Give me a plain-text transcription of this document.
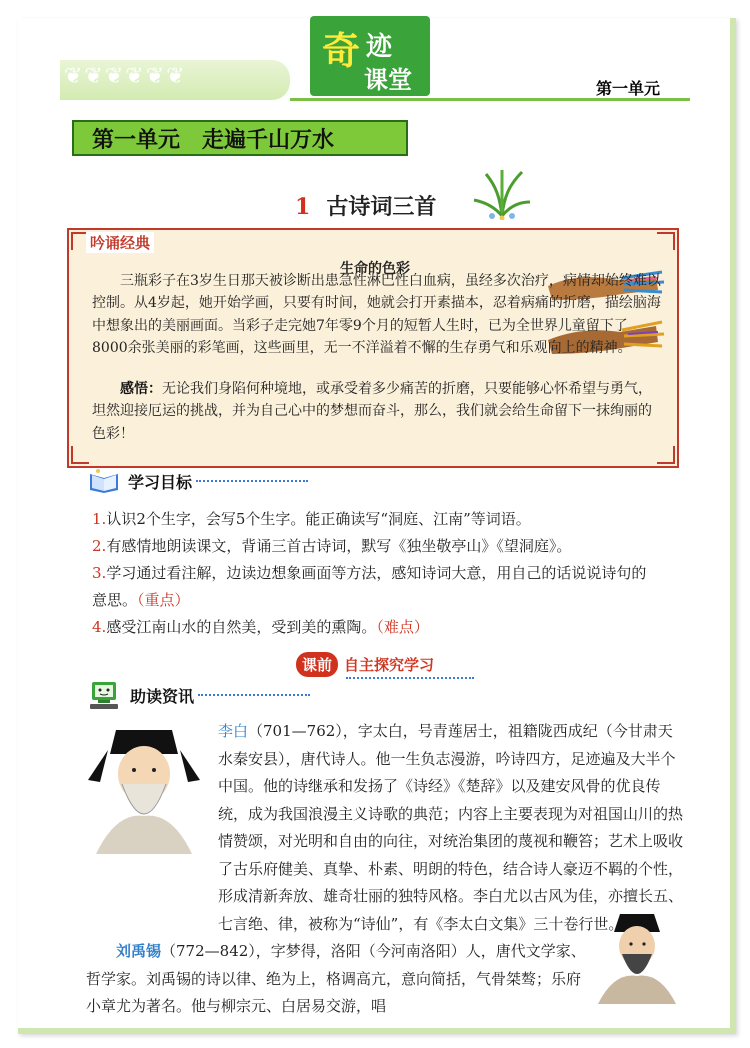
❦❦❦❦❦❦
奇 迹
课堂	第一单元
第一单元　走遍千山万水
1 古诗词三首
吟诵经典
生命的色彩
三瓶彩子在3岁生日那天被诊断出患急性淋巴性白血病，虽经多次治疗，病情却始终难以控制。从4岁起，她开始学画，只要有时间，她就会打开素描本，忍着病痛的折磨，描绘脑海中想象出的美丽画面。当彩子走完她7年零9个月的短暂人生时，已为全世界儿童留下了8000余张美丽的彩笔画，这些画里，无一不洋溢着不懈的生存勇气和乐观向上的精神。
感悟：无论我们身陷何种境地，或承受着多少痛苦的折磨，只要能够心怀希望与勇气，坦然迎接厄运的挑战，并为自己心中的梦想而奋斗，那么，我们就会给生命留下一抹绚丽的色彩！
学习目标
1.认识2个生字，会写5个生字。能正确读写“洞庭、江南”等词语。
2.有感情地朗读课文，背诵三首古诗词，默写《独坐敬亭山》《望洞庭》。
3.学习通过看注解，边读边想象画面等方法，感知诗词大意，用自己的话说说诗句的意思。（重点）
4.感受江南山水的自然美，受到美的熏陶。（难点）
课前 自主探究学习
助读资讯
李白（701—762），字太白，号青莲居士，祖籍陇西成纪（今甘肃天水秦安县），唐代诗人。他一生负志漫游，吟诗四方，足迹遍及大半个中国。他的诗继承和发扬了《诗经》《楚辞》以及建安风骨的优良传统，成为我国浪漫主义诗歌的典范；内容上主要表现为对祖国山川的热情赞颂，对光明和自由的向往，对统治集团的蔑视和鞭笞；艺术上吸收了古乐府健美、真挚、朴素、明朗的特色，结合诗人豪迈不羁的个性，形成清新奔放、雄奇壮丽的独特风格。李白尤以古风为佳，亦擅长五、七言绝、律，被称为“诗仙”，有《李太白文集》三十卷行世。
刘禹锡（772—842），字梦得，洛阳（今河南洛阳）人，唐代文学家、哲学家。刘禹锡的诗以律、绝为上，格调高亢，意向简括，气骨桀骜；乐府小章尤为著名。他与柳宗元、白居易交游，唱
